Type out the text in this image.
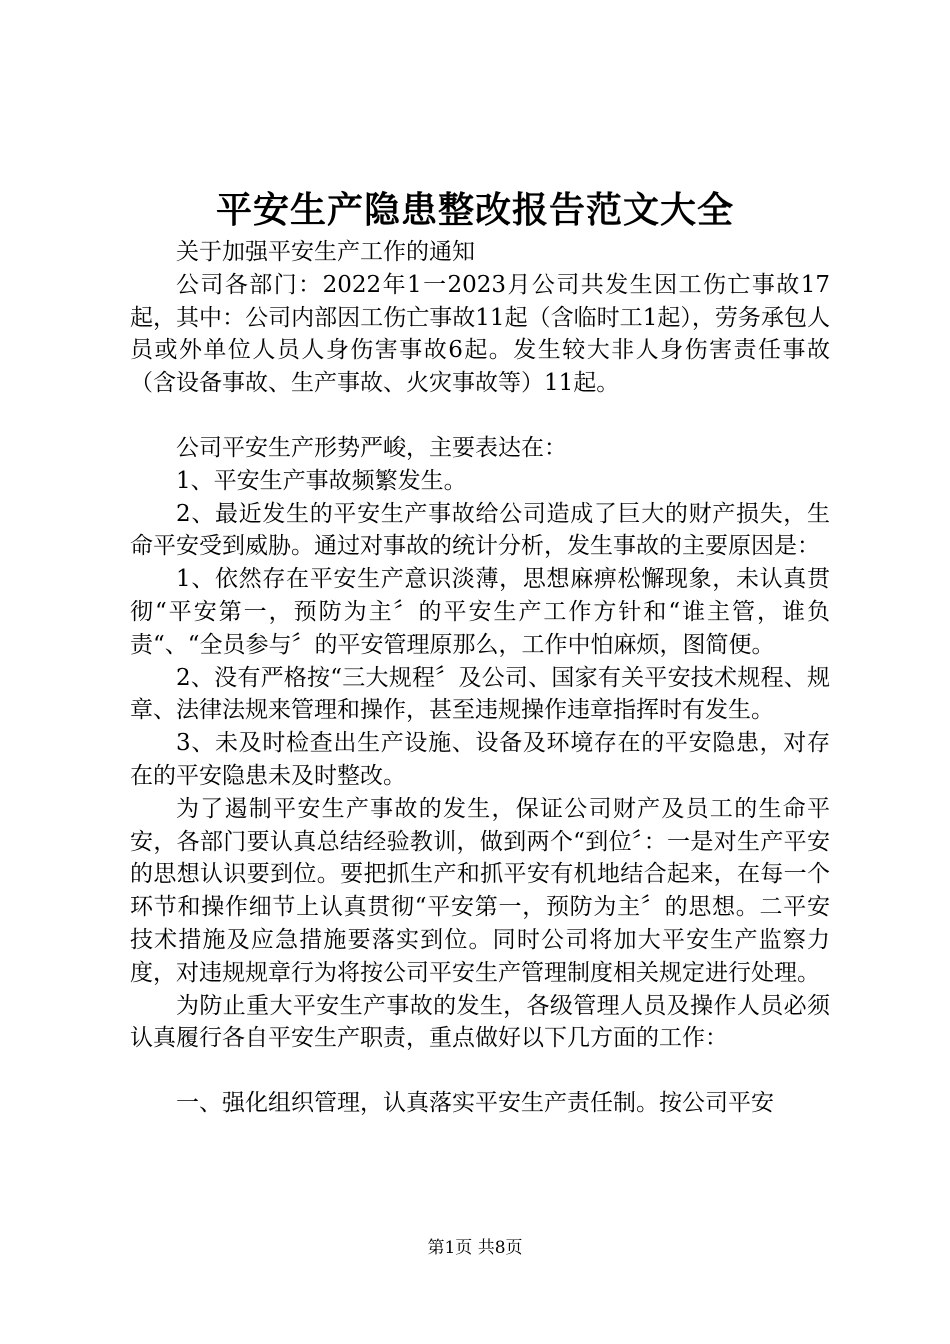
平安生产隐患整改报告范文大全

关于加强平安生产工作的通知

公司各部门：2022年1一2023月公司共发生因工伤亡事故17起，其中：公司内部因工伤亡事故11起（含临时工1起），劳务承包人员或外单位人员人身伤害事故6起。发生较大非人身伤害责任事故（含设备事故、生产事故、火灾事故等）11起。

公司平安生产形势严峻，主要表达在：

1、平安生产事故频繁发生。

2、最近发生的平安生产事故给公司造成了巨大的财产损失，生命平安受到威胁。通过对事故的统计分析，发生事故的主要原因是：

1、依然存在平安生产意识淡薄，思想麻痹松懈现象，未认真贯彻“平安第一，预防为主〞的平安生产工作方针和“谁主管，谁负责“、“全员参与〞的平安管理原那么，工作中怕麻烦，图简便。

2、没有严格按“三大规程〞及公司、国家有关平安技术规程、规章、法律法规来管理和操作，甚至违规操作违章指挥时有发生。

3、未及时检查出生产设施、设备及环境存在的平安隐患，对存在的平安隐患未及时整改。

为了遏制平安生产事故的发生，保证公司财产及员工的生命平安，各部门要认真总结经验教训，做到两个“到位〞：一是对生产平安的思想认识要到位。要把抓生产和抓平安有机地结合起来，在每一个环节和操作细节上认真贯彻“平安第一，预防为主〞的思想。二平安技术措施及应急措施要落实到位。同时公司将加大平安生产监察力度，对违规规章行为将按公司平安生产管理制度相关规定进行处理。

为防止重大平安生产事故的发生，各级管理人员及操作人员必须认真履行各自平安生产职责，重点做好以下几方面的工作：

一、强化组织管理，认真落实平安生产责任制。按公司平安

第1页 共8页
